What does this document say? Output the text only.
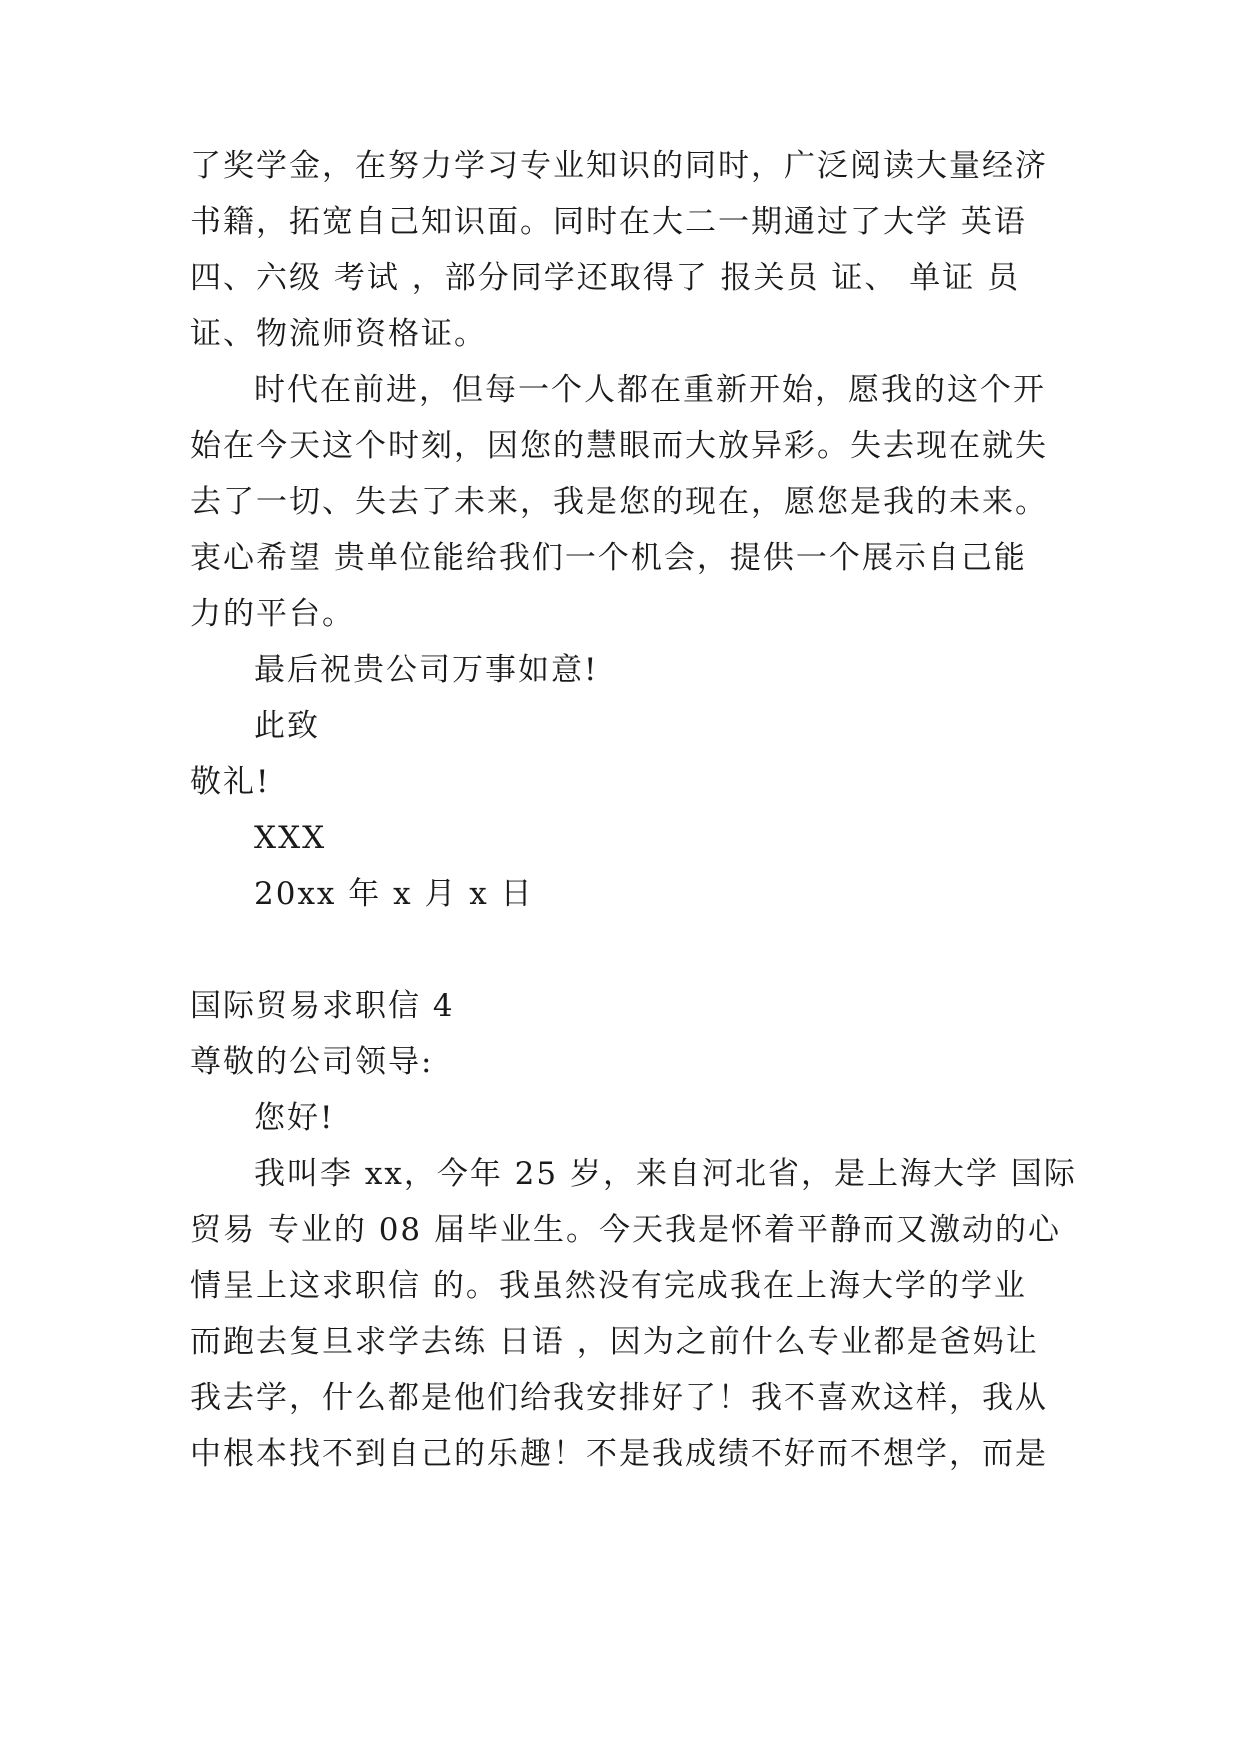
了奖学金，在努力学习专业知识的同时，广泛阅读大量经济
书籍，拓宽自己知识面。同时在大二一期通过了大学 英语
四、六级 考试 ，部分同学还取得了 报关员 证、 单证 员
证、物流师资格证。
时代在前进，但每一个人都在重新开始，愿我的这个开
始在今天这个时刻，因您的慧眼而大放异彩。失去现在就失
去了一切、失去了未来，我是您的现在，愿您是我的未来。
衷心希望 贵单位能给我们一个机会，提供一个展示自己能
力的平台。
最后祝贵公司万事如意!
此致
敬礼!
XXX
20xx 年 x 月 x 日
国际贸易求职信 4
尊敬的公司领导:
您好!
我叫李 xx，今年 25 岁，来自河北省，是上海大学 国际
贸易 专业的 08 届毕业生。今天我是怀着平静而又激动的心
情呈上这求职信 的。我虽然没有完成我在上海大学的学业
而跑去复旦求学去练 日语 ，因为之前什么专业都是爸妈让
我去学，什么都是他们给我安排好了！我不喜欢这样，我从
中根本找不到自己的乐趣！不是我成绩不好而不想学，而是
